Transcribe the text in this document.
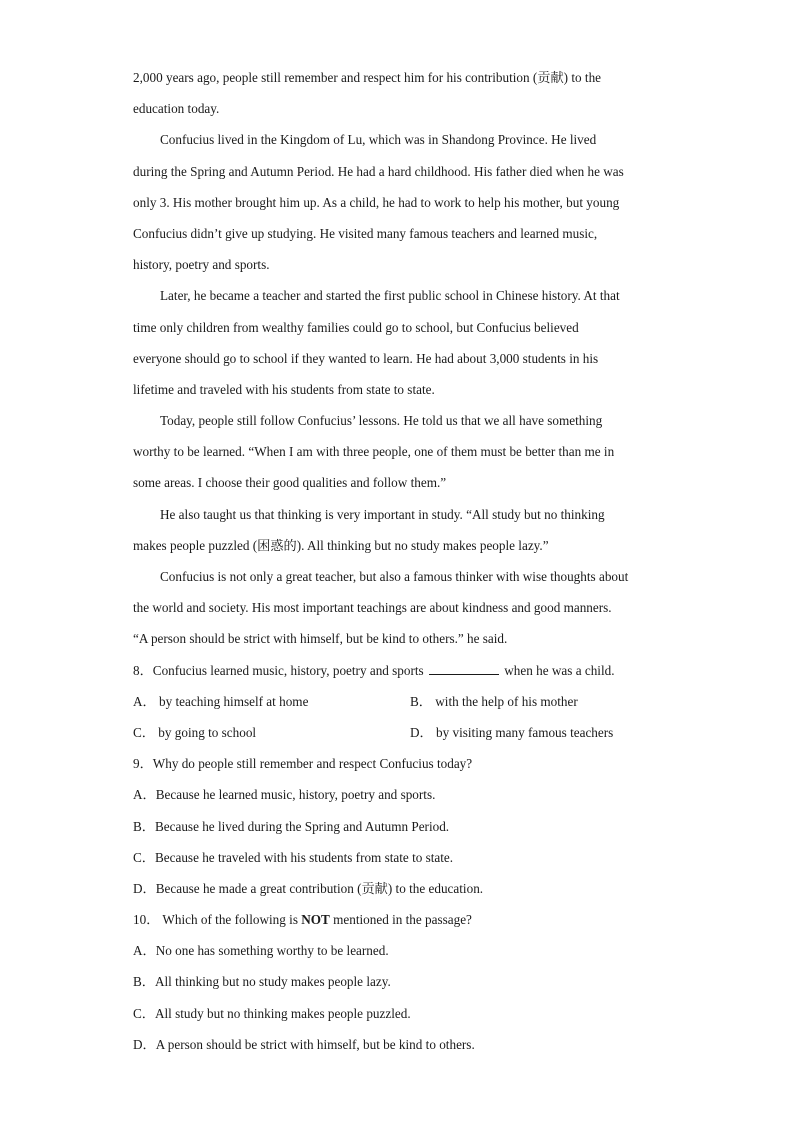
2,000 years ago, people still remember and respect him for his contribution (贡献) to the
education today.
Confucius lived in the Kingdom of Lu, which was in Shandong Province. He lived
during the Spring and Autumn Period. He had a hard childhood. His father died when he was
only 3. His mother brought him up. As a child, he had to work to help his mother, but young
Confucius didn’t give up studying. He visited many famous teachers and learned music,
history, poetry and sports.
Later, he became a teacher and started the first public school in Chinese history. At that
time only children from wealthy families could go to school, but Confucius believed
everyone should go to school if they wanted to learn. He had about 3,000 students in his
lifetime and traveled with his students from state to state.
Today, people still follow Confucius’ lessons. He told us that we all have something
worthy to be learned. “When I am with three people, one of them must be better than me in
some areas. I choose their good qualities and follow them.”
He also taught us that thinking is very important in study. “All study but no thinking
makes people puzzled (困惑的). All thinking but no study makes people lazy.”
Confucius is not only a great teacher, but also a famous thinker with wise thoughts about
the world and society. His most important teachings are about kindness and good manners.
“A person should be strict with himself, but be kind to others.” he said.
8．Confucius learned music, history, poetry and sports	when he was a child.
A． by teaching himself at home	B． with the help of his mother
C． by going to school	D． by visiting many famous teachers
9．Why do people still remember and respect Confucius today?
A．Because he learned music, history, poetry and sports.
B．Because he lived during the Spring and Autumn Period.
C．Because he traveled with his students from state to state.
D．Because he made a great contribution (贡献) to the education.
10． Which of the following is NOT mentioned in the passage?
A．No one has something worthy to be learned.
B．All thinking but no study makes people lazy.
C．All study but no thinking makes people puzzled.
D．A person should be strict with himself, but be kind to others.
